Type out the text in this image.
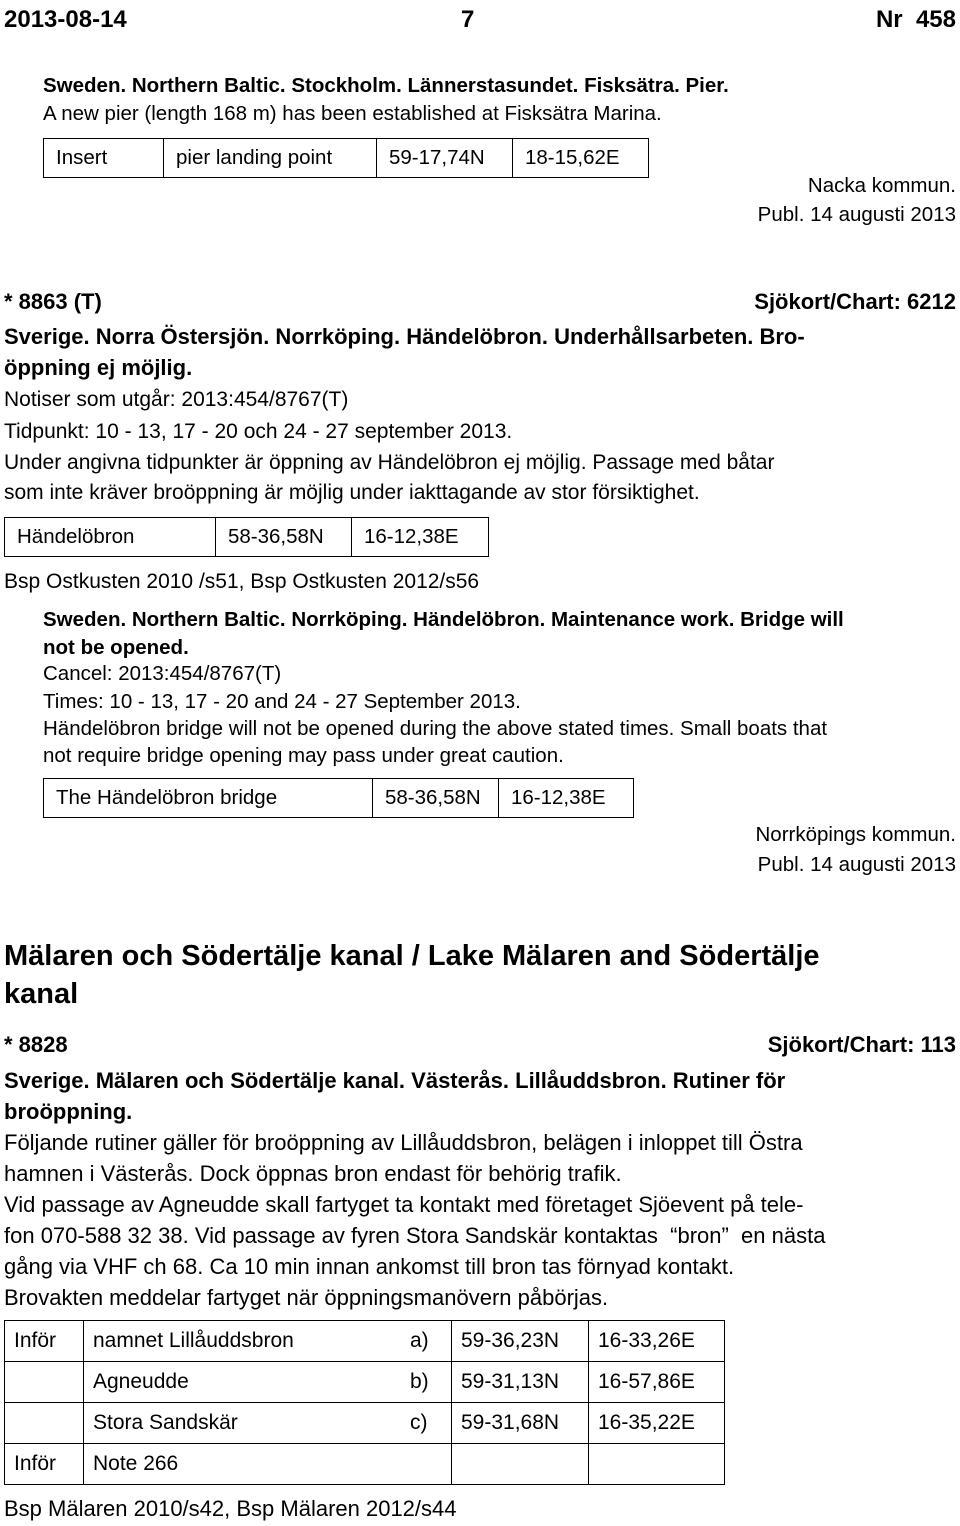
2013-08-14	7	Nr  458
Sweden. Northern Baltic. Stockholm. Lännerstasundet. Fisksätra. Pier.
A new pier (length 168 m) has been established at Fisksätra Marina.
Insert	pier landing point	59-17,74N	18-15,62E
Nacka kommun.
Publ. 14 augusti 2013
* 8863 (T)	Sjökort/Chart: 6212
Sverige. Norra Östersjön. Norrköping. Händelöbron. Underhållsarbeten. Bro-
öppning ej möjlig.
Notiser som utgår: 2013:454/8767(T)
Tidpunkt: 10 - 13, 17 - 20 och 24 - 27 september 2013.
Under angivna tidpunkter är öppning av Händelöbron ej möjlig. Passage med båtar
som inte kräver broöppning är möjlig under iakttagande av stor försiktighet.
Händelöbron	58-36,58N	16-12,38E
Bsp Ostkusten 2010 /s51, Bsp Ostkusten 2012/s56
Sweden. Northern Baltic. Norrköping. Händelöbron. Maintenance work. Bridge will
not be opened.
Cancel: 2013:454/8767(T)
Times: 10 - 13, 17 - 20 and 24 - 27 September 2013.
Händelöbron bridge will not be opened during the above stated times. Small boats that
not require bridge opening may pass under great caution.
The Händelöbron bridge	58-36,58N	16-12,38E
Norrköpings kommun.
Publ. 14 augusti 2013
Mälaren och Södertälje kanal / Lake Mälaren and Södertälje
kanal
* 8828	Sjökort/Chart: 113
Sverige. Mälaren och Södertälje kanal. Västerås. Lillåuddsbron. Rutiner för
broöppning.
Följande rutiner gäller för broöppning av Lillåuddsbron, belägen i inloppet till Östra
hamnen i Västerås. Dock öppnas bron endast för behörig trafik.
Vid passage av Agneudde skall fartyget ta kontakt med företaget Sjöevent på tele-
fon 070-588 32 38. Vid passage av fyren Stora Sandskär kontaktas  “bron”  en nästa
gång via VHF ch 68. Ca 10 min innan ankomst till bron tas förnyad kontakt.
Brovakten meddelar fartyget när öppningsmanövern påbörjas.
Inför	namnet Lillåuddsbron	a)	59-36,23N	16-33,26E
	Agneudde	b)	59-31,13N	16-57,86E
	Stora Sandskär	c)	59-31,68N	16-35,22E
Inför	Note 266			
Bsp Mälaren 2010/s42, Bsp Mälaren 2012/s44
